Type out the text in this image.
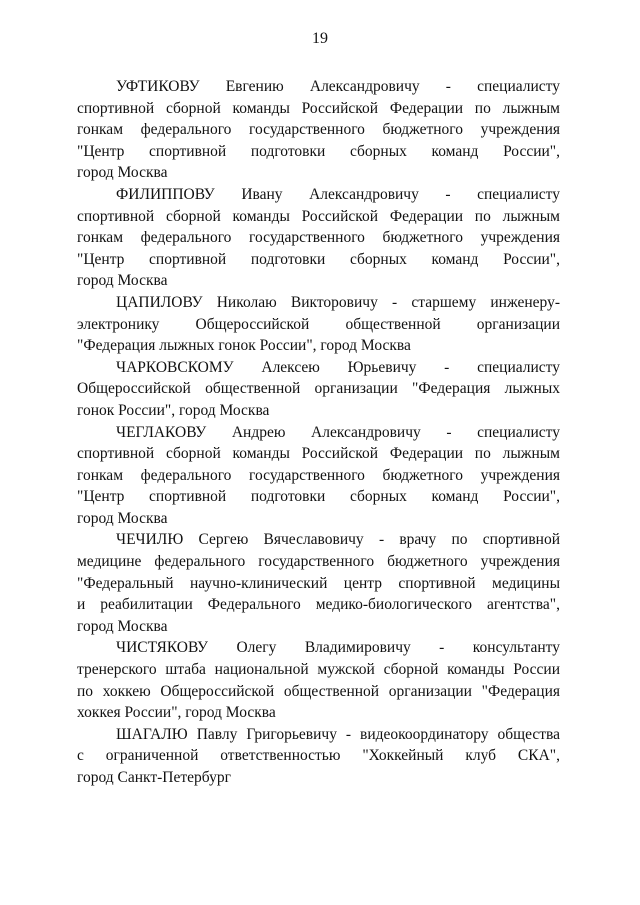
19
УФТИКОВУ Евгению Александровичу - специалисту
спортивной сборной команды Российской Федерации по лыжным
гонкам федерального государственного бюджетного учреждения
"Центр спортивной подготовки сборных команд России",
город Москва
ФИЛИППОВУ Ивану Александровичу - специалисту
спортивной сборной команды Российской Федерации по лыжным
гонкам федерального государственного бюджетного учреждения
"Центр спортивной подготовки сборных команд России",
город Москва
ЦАПИЛОВУ Николаю Викторовичу - старшему инженеру-
электронику Общероссийской общественной организации
"Федерация лыжных гонок России", город Москва
ЧАРКОВСКОМУ Алексею Юрьевичу - специалисту
Общероссийской общественной организации "Федерация лыжных
гонок России", город Москва
ЧЕГЛАКОВУ Андрею Александровичу - специалисту
спортивной сборной команды Российской Федерации по лыжным
гонкам федерального государственного бюджетного учреждения
"Центр спортивной подготовки сборных команд России",
город Москва
ЧЕЧИЛЮ Сергею Вячеславовичу - врачу по спортивной
медицине федерального государственного бюджетного учреждения
"Федеральный научно-клинический центр спортивной медицины
и реабилитации Федерального медико-биологического агентства",
город Москва
ЧИСТЯКОВУ Олегу Владимировичу - консультанту
тренерского штаба национальной мужской сборной команды России
по хоккею Общероссийской общественной организации "Федерация
хоккея России", город Москва
ШАГАЛЮ Павлу Григорьевичу - видеокоординатору общества
с ограниченной ответственностью "Хоккейный клуб СКА",
город Санкт-Петербург
